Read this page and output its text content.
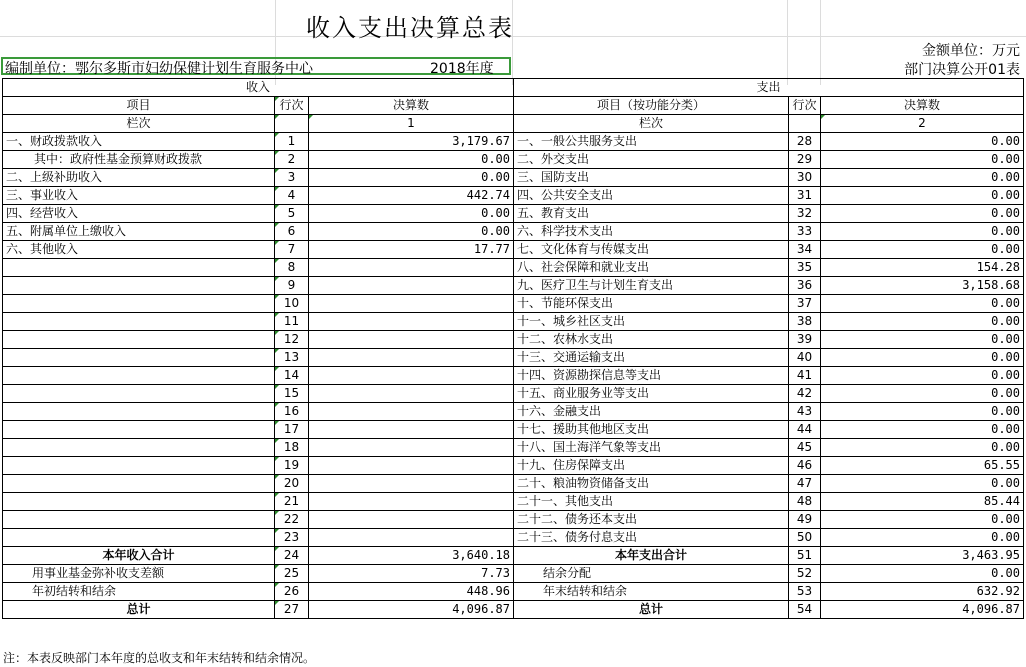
收入支出决算总表
金额单位：万元
编制单位：鄂尔多斯市妇幼保健计划生育服务中心	2018年度	部门决算公开01表
收入			支出		
项目	行次	决算数	项目（按功能分类）	行次	决算数
栏次		1	栏次		2
一、财政拨款收入	1	3,179.67	一、一般公共服务支出	28	0.00
其中：政府性基金预算财政拨款	2	0.00	二、外交支出	29	0.00
二、上级补助收入	3	0.00	三、国防支出	30	0.00
三、事业收入	4	442.74	四、公共安全支出	31	0.00
四、经营收入	5	0.00	五、教育支出	32	0.00
五、附属单位上缴收入	6	0.00	六、科学技术支出	33	0.00
六、其他收入	7	17.77	七、文化体育与传媒支出	34	0.00
	8		八、社会保障和就业支出	35	154.28
	9		九、医疗卫生与计划生育支出	36	3,158.68
	10		十、节能环保支出	37	0.00
	11		十一、城乡社区支出	38	0.00
	12		十二、农林水支出	39	0.00
	13		十三、交通运输支出	40	0.00
	14		十四、资源勘探信息等支出	41	0.00
	15		十五、商业服务业等支出	42	0.00
	16		十六、金融支出	43	0.00
	17		十七、援助其他地区支出	44	0.00
	18		十八、国土海洋气象等支出	45	0.00
	19		十九、住房保障支出	46	65.55
	20		二十、粮油物资储备支出	47	0.00
	21		二十一、其他支出	48	85.44
	22		二十二、债务还本支出	49	0.00
	23		二十三、债务付息支出	50	0.00
本年收入合计	24	3,640.18	本年支出合计	51	3,463.95
用事业基金弥补收支差额	25	7.73	结余分配	52	0.00
年初结转和结余	26	448.96	年末结转和结余	53	632.92
总计	27	4,096.87	总计	54	4,096.87
注：本表反映部门本年度的总收支和年末结转和结余情况。
